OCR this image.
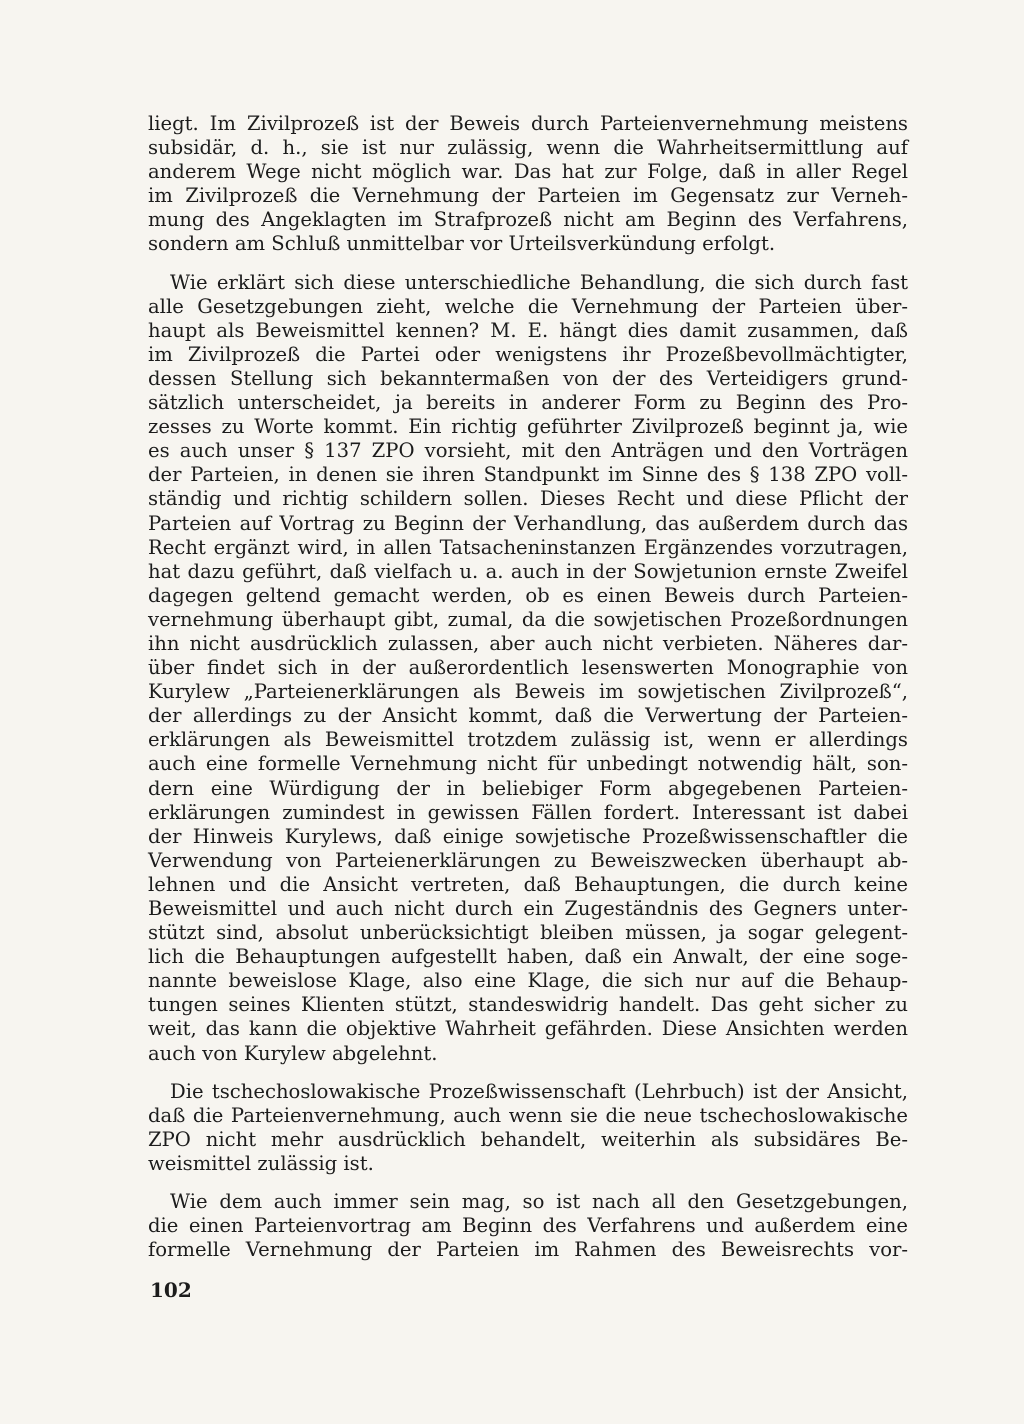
liegt. Im Zivilprozeß ist der Beweis durch Parteienvernehmung meistens
subsidär, d. h., sie ist nur zulässig, wenn die Wahrheitsermittlung auf
anderem Wege nicht möglich war. Das hat zur Folge, daß in aller Regel
im Zivilprozeß die Vernehmung der Parteien im Gegensatz zur Verneh-
mung des Angeklagten im Strafprozeß nicht am Beginn des Verfahrens,
sondern am Schluß unmittelbar vor Urteilsverkündung erfolgt.
Wie erklärt sich diese unterschiedliche Behandlung, die sich durch fast
alle Gesetzgebungen zieht, welche die Vernehmung der Parteien über-
haupt als Beweismittel kennen? M. E. hängt dies damit zusammen, daß
im Zivilprozeß die Partei oder wenigstens ihr Prozeßbevollmächtigter,
dessen Stellung sich bekanntermaßen von der des Verteidigers grund-
sätzlich unterscheidet, ja bereits in anderer Form zu Beginn des Pro-
zesses zu Worte kommt. Ein richtig geführter Zivilprozeß beginnt ja, wie
es auch unser § 137 ZPO vorsieht, mit den Anträgen und den Vorträgen
der Parteien, in denen sie ihren Standpunkt im Sinne des § 138 ZPO voll-
ständig und richtig schildern sollen. Dieses Recht und diese Pflicht der
Parteien auf Vortrag zu Beginn der Verhandlung, das außerdem durch das
Recht ergänzt wird, in allen Tatsacheninstanzen Ergänzendes vorzutragen,
hat dazu geführt, daß vielfach u. a. auch in der Sowjetunion ernste Zweifel
dagegen geltend gemacht werden, ob es einen Beweis durch Parteien-
vernehmung überhaupt gibt, zumal, da die sowjetischen Prozeßordnungen
ihn nicht ausdrücklich zulassen, aber auch nicht verbieten. Näheres dar-
über findet sich in der außerordentlich lesenswerten Monographie von
Kurylew „Parteienerklärungen als Beweis im sowjetischen Zivilprozeß“,
der allerdings zu der Ansicht kommt, daß die Verwertung der Parteien-
erklärungen als Beweismittel trotzdem zulässig ist, wenn er allerdings
auch eine formelle Vernehmung nicht für unbedingt notwendig hält, son-
dern eine Würdigung der in beliebiger Form abgegebenen Parteien-
erklärungen zumindest in gewissen Fällen fordert. Interessant ist dabei
der Hinweis Kurylews, daß einige sowjetische Prozeßwissenschaftler die
Verwendung von Parteienerklärungen zu Beweiszwecken überhaupt ab-
lehnen und die Ansicht vertreten, daß Behauptungen, die durch keine
Beweismittel und auch nicht durch ein Zugeständnis des Gegners unter-
stützt sind, absolut unberücksichtigt bleiben müssen, ja sogar gelegent-
lich die Behauptungen aufgestellt haben, daß ein Anwalt, der eine soge-
nannte beweislose Klage, also eine Klage, die sich nur auf die Behaup-
tungen seines Klienten stützt, standeswidrig handelt. Das geht sicher zu
weit, das kann die objektive Wahrheit gefährden. Diese Ansichten werden
auch von Kurylew abgelehnt.
Die tschechoslowakische Prozeßwissenschaft (Lehrbuch) ist der Ansicht,
daß die Parteienvernehmung, auch wenn sie die neue tschechoslowakische
ZPO nicht mehr ausdrücklich behandelt, weiterhin als subsidäres Be-
weismittel zulässig ist.
Wie dem auch immer sein mag, so ist nach all den Gesetzgebungen,
die einen Parteienvortrag am Beginn des Verfahrens und außerdem eine
formelle Vernehmung der Parteien im Rahmen des Beweisrechts vor-
102
